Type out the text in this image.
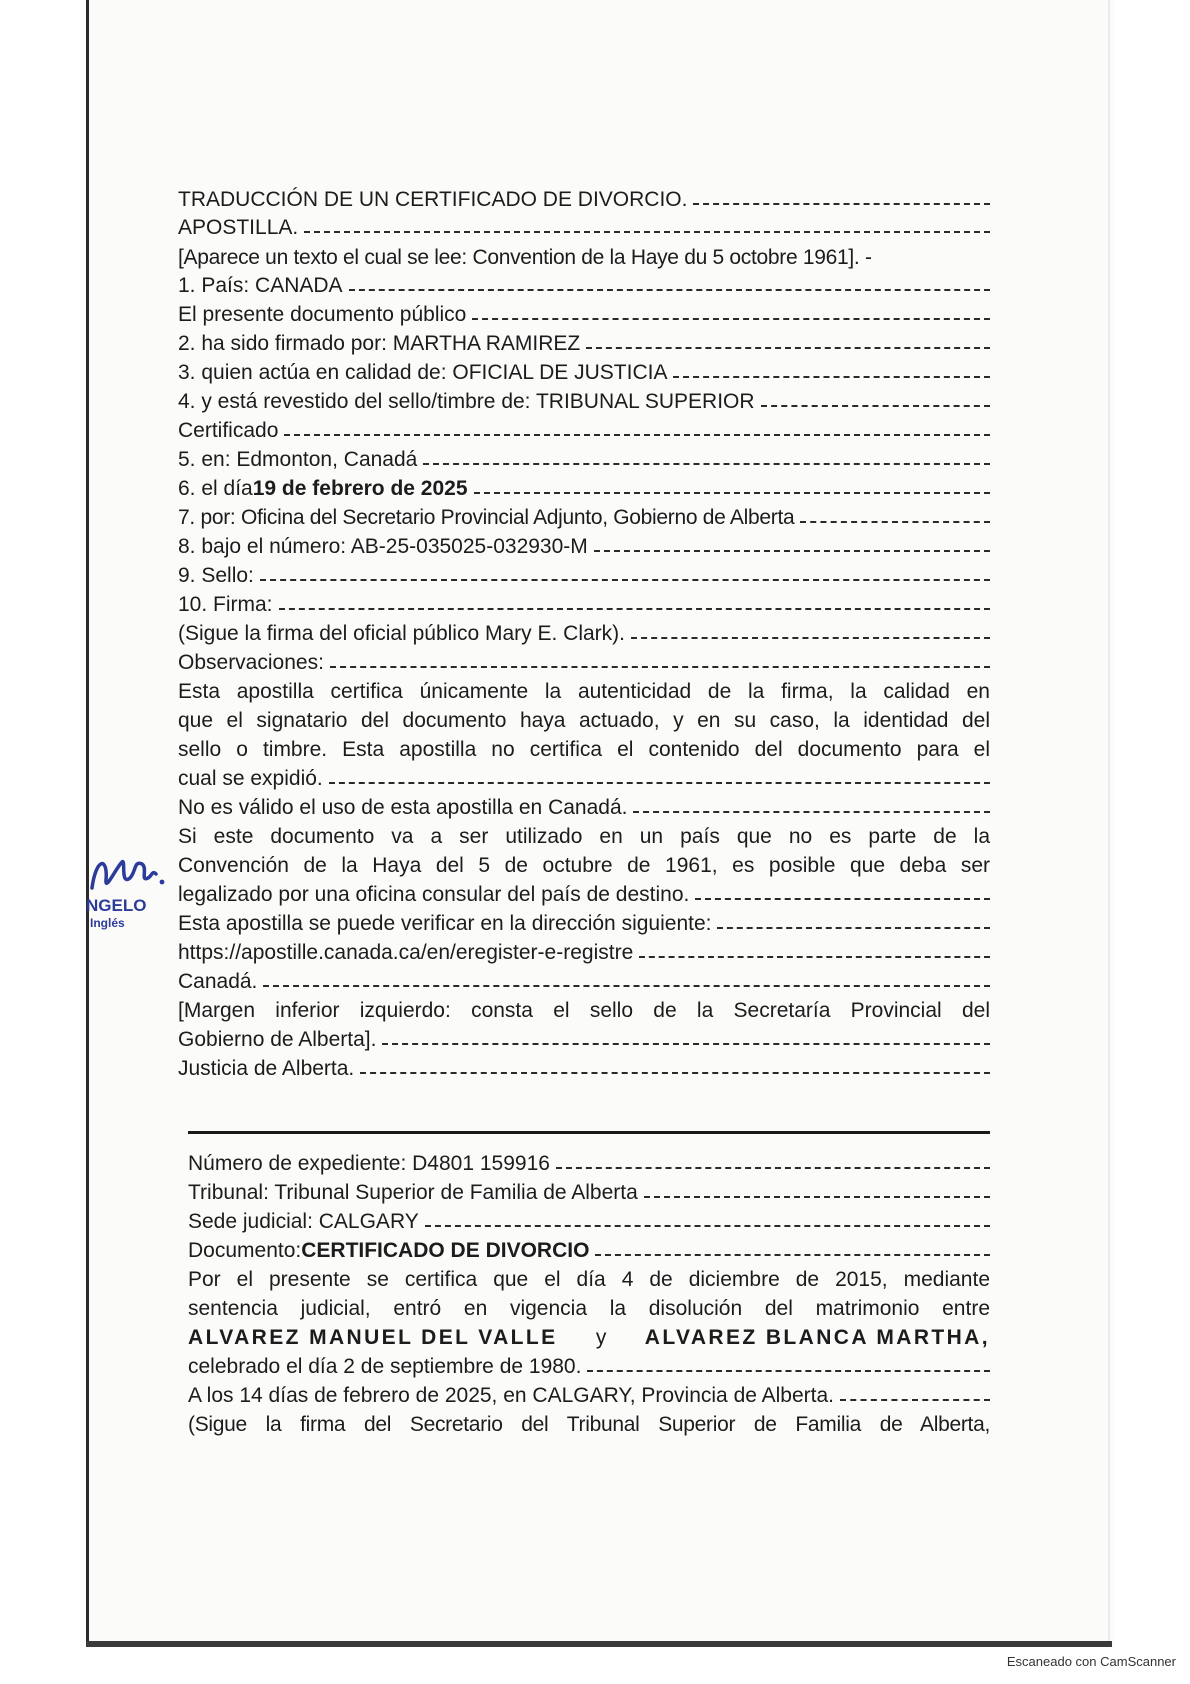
TRADUCCIÓN DE UN CERTIFICADO DE DIVORCIO.
APOSTILLA.
[Aparece un texto el cual se lee: Convention de la Haye du 5 octobre 1961]. -
1. País: CANADA
El presente documento público
2. ha sido firmado por: MARTHA RAMIREZ
3. quien actúa en calidad de: OFICIAL DE JUSTICIA
4. y está revestido del sello/timbre de: TRIBUNAL SUPERIOR
Certificado
5. en: Edmonton, Canadá
6. el día 19 de febrero de 2025
7. por: Oficina del Secretario Provincial Adjunto, Gobierno de Alberta
8. bajo el número: AB-25-035025-032930-M
9. Sello:
10. Firma:
(Sigue la firma del oficial público Mary E. Clark).
Observaciones:
Esta apostilla certifica únicamente la autenticidad de la firma, la calidad en
que el signatario del documento haya actuado, y en su caso, la identidad del
sello o timbre. Esta apostilla no certifica el contenido del documento para el
cual se expidió.
No es válido el uso de esta apostilla en Canadá.
Si este documento va a ser utilizado en un país que no es parte de la
Convención de la Haya del 5 de octubre de 1961, es posible que deba ser
legalizado por una oficina consular del país de destino.
Esta apostilla se puede verificar en la dirección siguiente:
https://apostille.canada.ca/en/eregister-e-registre
Canadá.
[Margen inferior izquierdo: consta el sello de la Secretaría Provincial del
Gobierno de Alberta].
Justicia de Alberta.
Número de expediente: D4801 159916
Tribunal: Tribunal Superior de Familia de Alberta
Sede judicial: CALGARY
Documento: CERTIFICADO DE DIVORCIO
Por el presente se certifica que el día 4 de diciembre de 2015, mediante
sentencia judicial, entró en vigencia la disolución del matrimonio entre
ALVAREZ MANUEL DEL VALLE y ALVAREZ BLANCA MARTHA,
celebrado el día 2 de septiembre de 1980.
A los 14 días de febrero de 2025, en CALGARY, Provincia de Alberta.
(Sigue la firma del Secretario del Tribunal Superior de Familia de Alberta,
NGELO
Inglés
Escaneado con CamScanner
